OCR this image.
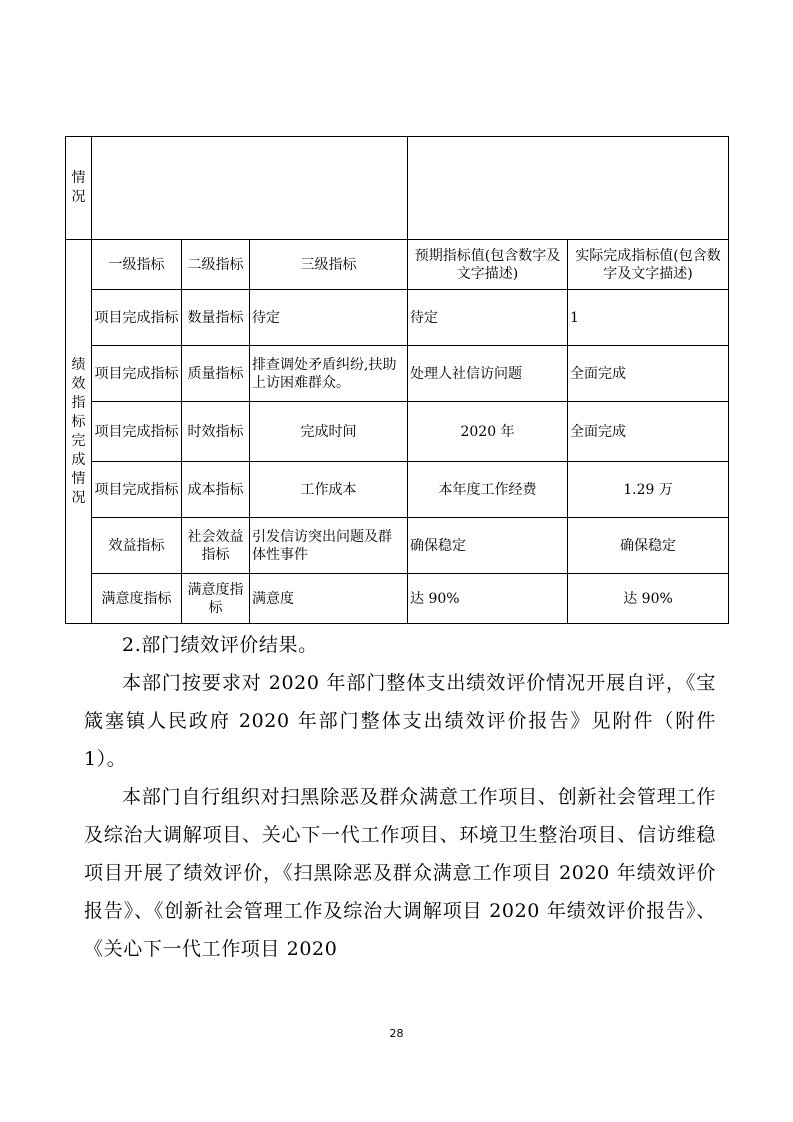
情况					
绩效指标完成情况	一级指标	二级指标	三级指标	预期指标值(包含数字及文字描述)	实际完成指标值(包含数字及文字描述)
	项目完成指标	数量指标	待定	待定	1
	项目完成指标	质量指标	排查调处矛盾纠纷,扶助上访困难群众。	处理人社信访问题	全面完成
	项目完成指标	时效指标	完成时间	2020 年	全面完成
	项目完成指标	成本指标	工作成本	本年度工作经费	1.29 万
	效益指标	社会效益指标	引发信访突出问题及群体性事件	确保稳定	确保稳定
	满意度指标	满意度指标	满意度	达 90%	达 90%

2.部门绩效评价结果。

本部门按要求对 2020 年部门整体支出绩效评价情况开展自评，《宝箴塞镇人民政府 2020 年部门整体支出绩效评价报告》见附件（附件 1）。

本部门自行组织对扫黑除恶及群众满意工作项目、创新社会管理工作及综治大调解项目、关心下一代工作项目、环境卫生整治项目、信访维稳项目开展了绩效评价，《扫黑除恶及群众满意工作项目 2020 年绩效评价报告》、《创新社会管理工作及综治大调解项目 2020 年绩效评价报告》、《关心下一代工作项目 2020

28
